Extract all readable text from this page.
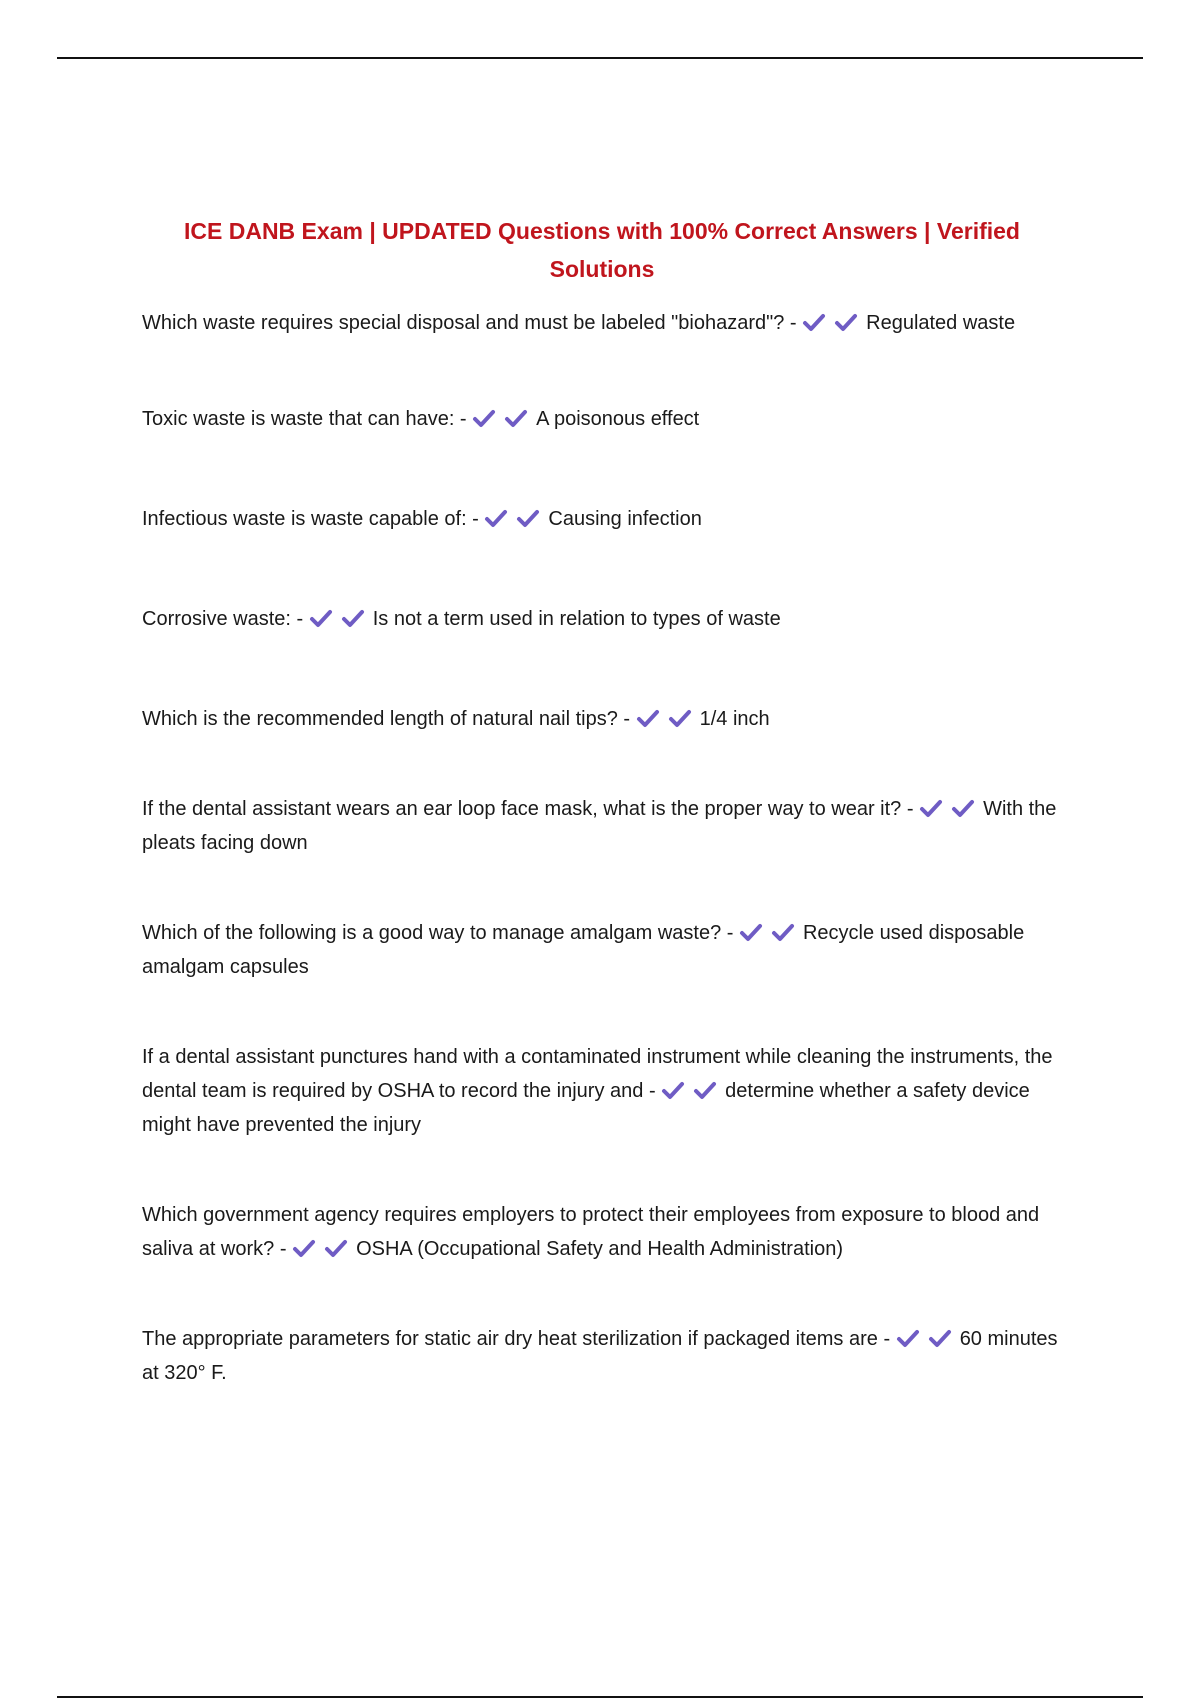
ICE DANB Exam | UPDATED Questions with 100% Correct Answers | Verified Solutions
Which waste requires special disposal and must be labeled "biohazard"? -	Regulated waste
Toxic waste is waste that can have: -	A poisonous effect
Infectious waste is waste capable of: -	Causing infection
Corrosive waste: -	Is not a term used in relation to types of waste
Which is the recommended length of natural nail tips? -	1/4 inch
If the dental assistant wears an ear loop face mask, what is the proper way to wear it? -	With the pleats facing down
Which of the following is a good way to manage amalgam waste? -	Recycle used disposable amalgam capsules
If a dental assistant punctures hand with a contaminated instrument while cleaning the instruments, the dental team is required by OSHA to record the injury and -	determine whether a safety device might have prevented the injury
Which government agency requires employers to protect their employees from exposure to blood and saliva at work? -	OSHA (Occupational Safety and Health Administration)
The appropriate parameters for static air dry heat sterilization if packaged items are -	60 minutes at 320° F.
